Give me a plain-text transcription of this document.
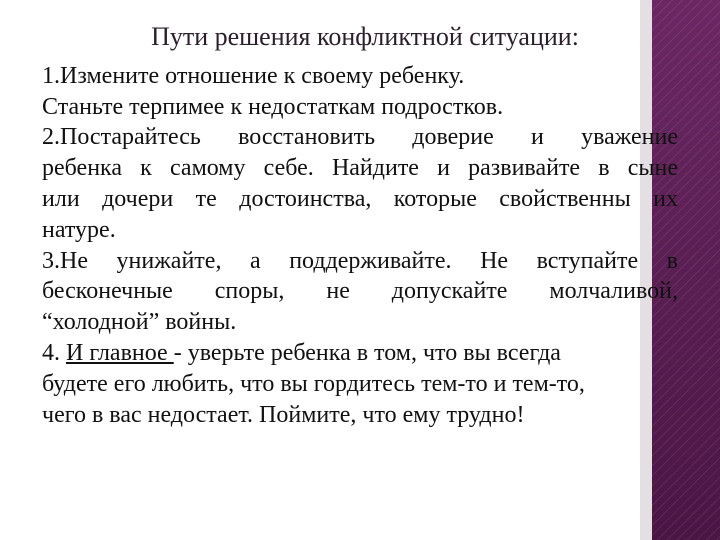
Пути решения конфликтной ситуации:
1.Измените отношение к своему ребенку.
Станьте терпимее к недостаткам подростков.
2.Постарайтесь восстановить доверие и уважение
ребенка к самому себе. Найдите и развивайте в сыне
или дочери те достоинства, которые свойственны их
натуре.
3.Не унижайте, а поддерживайте. Не вступайте в
бесконечные споры, не допускайте молчаливой,
“холодной” войны.
4. И главное - уверьте ребенка в том, что вы всегда
будете его любить, что вы гордитесь тем-то и тем-то,
чего в вас недостает. Поймите, что ему трудно!
